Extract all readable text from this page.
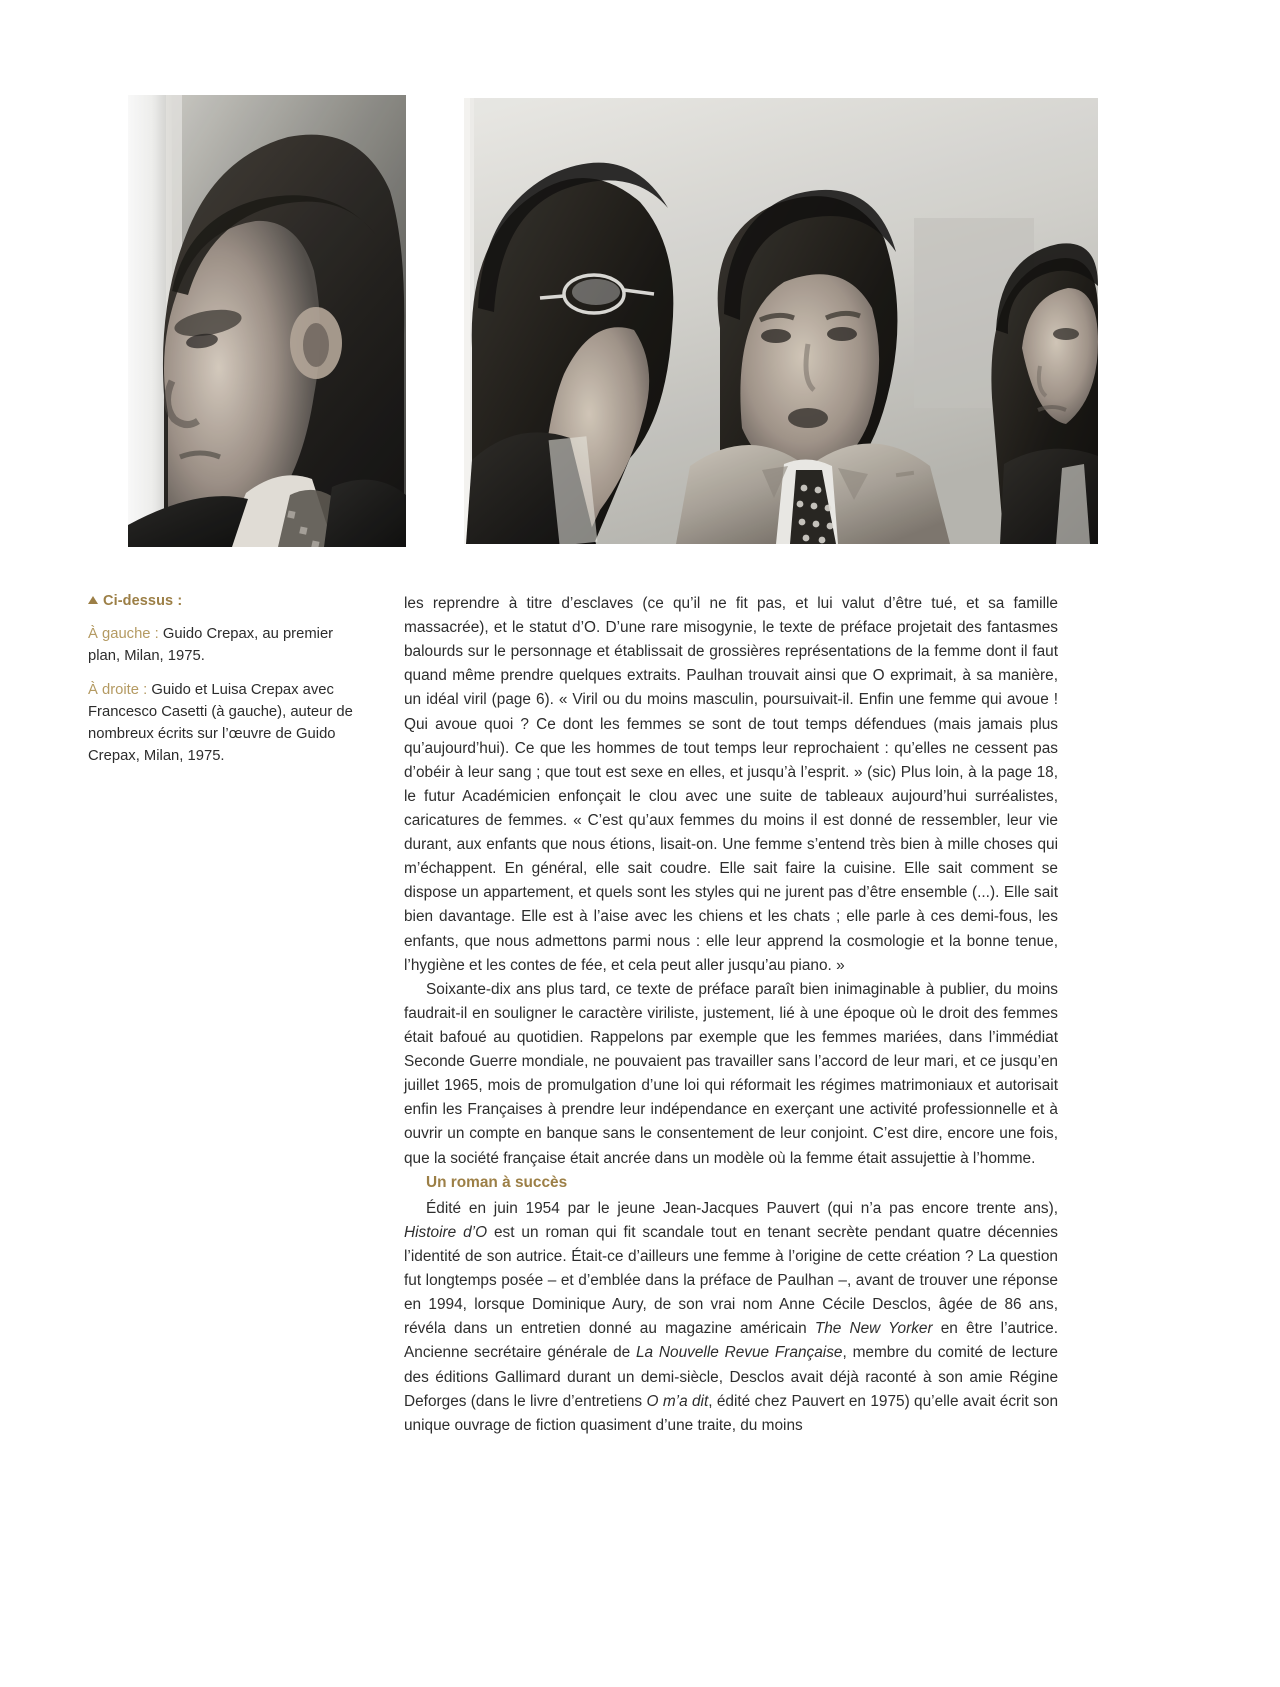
Ci-dessus :

À gauche : Guido Crepax, au premier plan, Milan, 1975.

À droite : Guido et Luisa Crepax avec Francesco Casetti (à gauche), auteur de nombreux écrits sur l’œuvre de Guido Crepax, Milan, 1975.

les reprendre à titre d’esclaves (ce qu’il ne fit pas, et lui valut d’être tué, et sa famille massacrée), et le statut d’O. D’une rare misogynie, le texte de préface projetait des fantasmes balourds sur le personnage et établissait de grossières représentations de la femme dont il faut quand même prendre quelques extraits. Paulhan trouvait ainsi que O exprimait, à sa manière, un idéal viril (page 6). « Viril ou du moins masculin, poursuivait-il. Enfin une femme qui avoue ! Qui avoue quoi ? Ce dont les femmes se sont de tout temps défendues (mais jamais plus qu’aujourd’hui). Ce que les hommes de tout temps leur reprochaient : qu’elles ne cessent pas d’obéir à leur sang ; que tout est sexe en elles, et jusqu’à l’esprit. » (sic) Plus loin, à la page 18, le futur Académicien enfonçait le clou avec une suite de tableaux aujourd’hui surréalistes, caricatures de femmes. « C’est qu’aux femmes du moins il est donné de ressembler, leur vie durant, aux enfants que nous étions, lisait-on. Une femme s’entend très bien à mille choses qui m’échappent. En général, elle sait coudre. Elle sait faire la cuisine. Elle sait comment se dispose un appartement, et quels sont les styles qui ne jurent pas d’être ensemble (...). Elle sait bien davantage. Elle est à l’aise avec les chiens et les chats ; elle parle à ces demi-fous, les enfants, que nous admettons parmi nous : elle leur apprend la cosmologie et la bonne tenue, l’hygiène et les contes de fée, et cela peut aller jusqu’au piano. »

Soixante-dix ans plus tard, ce texte de préface paraît bien inimaginable à publier, du moins faudrait-il en souligner le caractère viriliste, justement, lié à une époque où le droit des femmes était bafoué au quotidien. Rappelons par exemple que les femmes mariées, dans l’immédiat Seconde Guerre mondiale, ne pouvaient pas travailler sans l’accord de leur mari, et ce jusqu’en juillet 1965, mois de promulgation d’une loi qui réformait les régimes matrimoniaux et autorisait enfin les Françaises à prendre leur indépendance en exerçant une activité professionnelle et à ouvrir un compte en banque sans le consentement de leur conjoint. C’est dire, encore une fois, que la société française était ancrée dans un modèle où la femme était assujettie à l’homme.

Un roman à succès

Édité en juin 1954 par le jeune Jean-Jacques Pauvert (qui n’a pas encore trente ans), Histoire d’O est un roman qui fit scandale tout en tenant secrète pendant quatre décennies l’identité de son autrice. Était-ce d’ailleurs une femme à l’origine de cette création ? La question fut longtemps posée – et d’emblée dans la préface de Paulhan –, avant de trouver une réponse en 1994, lorsque Dominique Aury, de son vrai nom Anne Cécile Desclos, âgée de 86 ans, révéla dans un entretien donné au magazine américain The New Yorker en être l’autrice. Ancienne secrétaire générale de La Nouvelle Revue Française, membre du comité de lecture des éditions Gallimard durant un demi-siècle, Desclos avait déjà raconté à son amie Régine Deforges (dans le livre d’entretiens O m’a dit, édité chez Pauvert en 1975) qu’elle avait écrit son unique ouvrage de fiction quasiment d’une traite, du moins
